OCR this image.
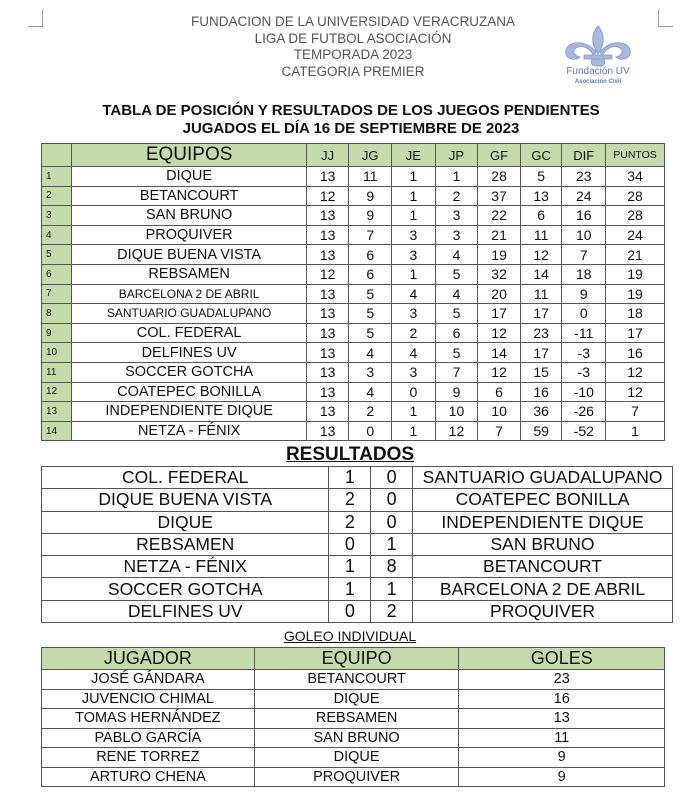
FUNDACION DE LA UNIVERSIDAD VERACRUZANA
LIGA DE FUTBOL ASOCIACIÓN
TEMPORADA 2023
CATEGORIA PREMIER	Fundación UV
Asociación Civil
TABLA DE POSICIÓN Y RESULTADOS DE LOS JUEGOS PENDIENTES
JUGADOS EL DÍA 16 DE SEPTIEMBRE DE 2023
	EQUIPOS	JJ	JG	JE	JP	GF	GC	DIF	PUNTOS
1	DIQUE	13	11	1	1	28	5	23	34
2	BETANCOURT	12	9	1	2	37	13	24	28
3	SAN BRUNO	13	9	1	3	22	6	16	28
4	PROQUIVER	13	7	3	3	21	11	10	24
5	DIQUE BUENA VISTA	13	6	3	4	19	12	7	21
6	REBSAMEN	12	6	1	5	32	14	18	19
7	BARCELONA 2 DE ABRIL	13	5	4	4	20	11	9	19
8	SANTUARIO GUADALUPANO	13	5	3	5	17	17	0	18
9	COL. FEDERAL	13	5	2	6	12	23	-11	17
10	DELFINES UV	13	4	4	5	14	17	-3	16
11	SOCCER GOTCHA	13	3	3	7	12	15	-3	12
12	COATEPEC BONILLA	13	4	0	9	6	16	-10	12
13	INDEPENDIENTE DIQUE	13	2	1	10	10	36	-26	7
14	NETZA - FÉNIX	13	0	1	12	7	59	-52	1
RESULTADOS
COL. FEDERAL	1	0	SANTUARIO GUADALUPANO
DIQUE BUENA VISTA	2	0	COATEPEC BONILLA
DIQUE	2	0	INDEPENDIENTE DIQUE
REBSAMEN	0	1	SAN BRUNO
NETZA - FÉNIX	1	8	BETANCOURT
SOCCER GOTCHA	1	1	BARCELONA 2 DE ABRIL
DELFINES UV	0	2	PROQUIVER
GOLEO INDIVIDUAL
JUGADOR	EQUIPO	GOLES
JOSÉ GÁNDARA	BETANCOURT	23
JUVENCIO CHIMAL	DIQUE	16
TOMAS HERNÁNDEZ	REBSAMEN	13
PABLO GARCÍA	SAN BRUNO	11
RENE TORREZ	DIQUE	9
ARTURO CHENA	PROQUIVER	9
